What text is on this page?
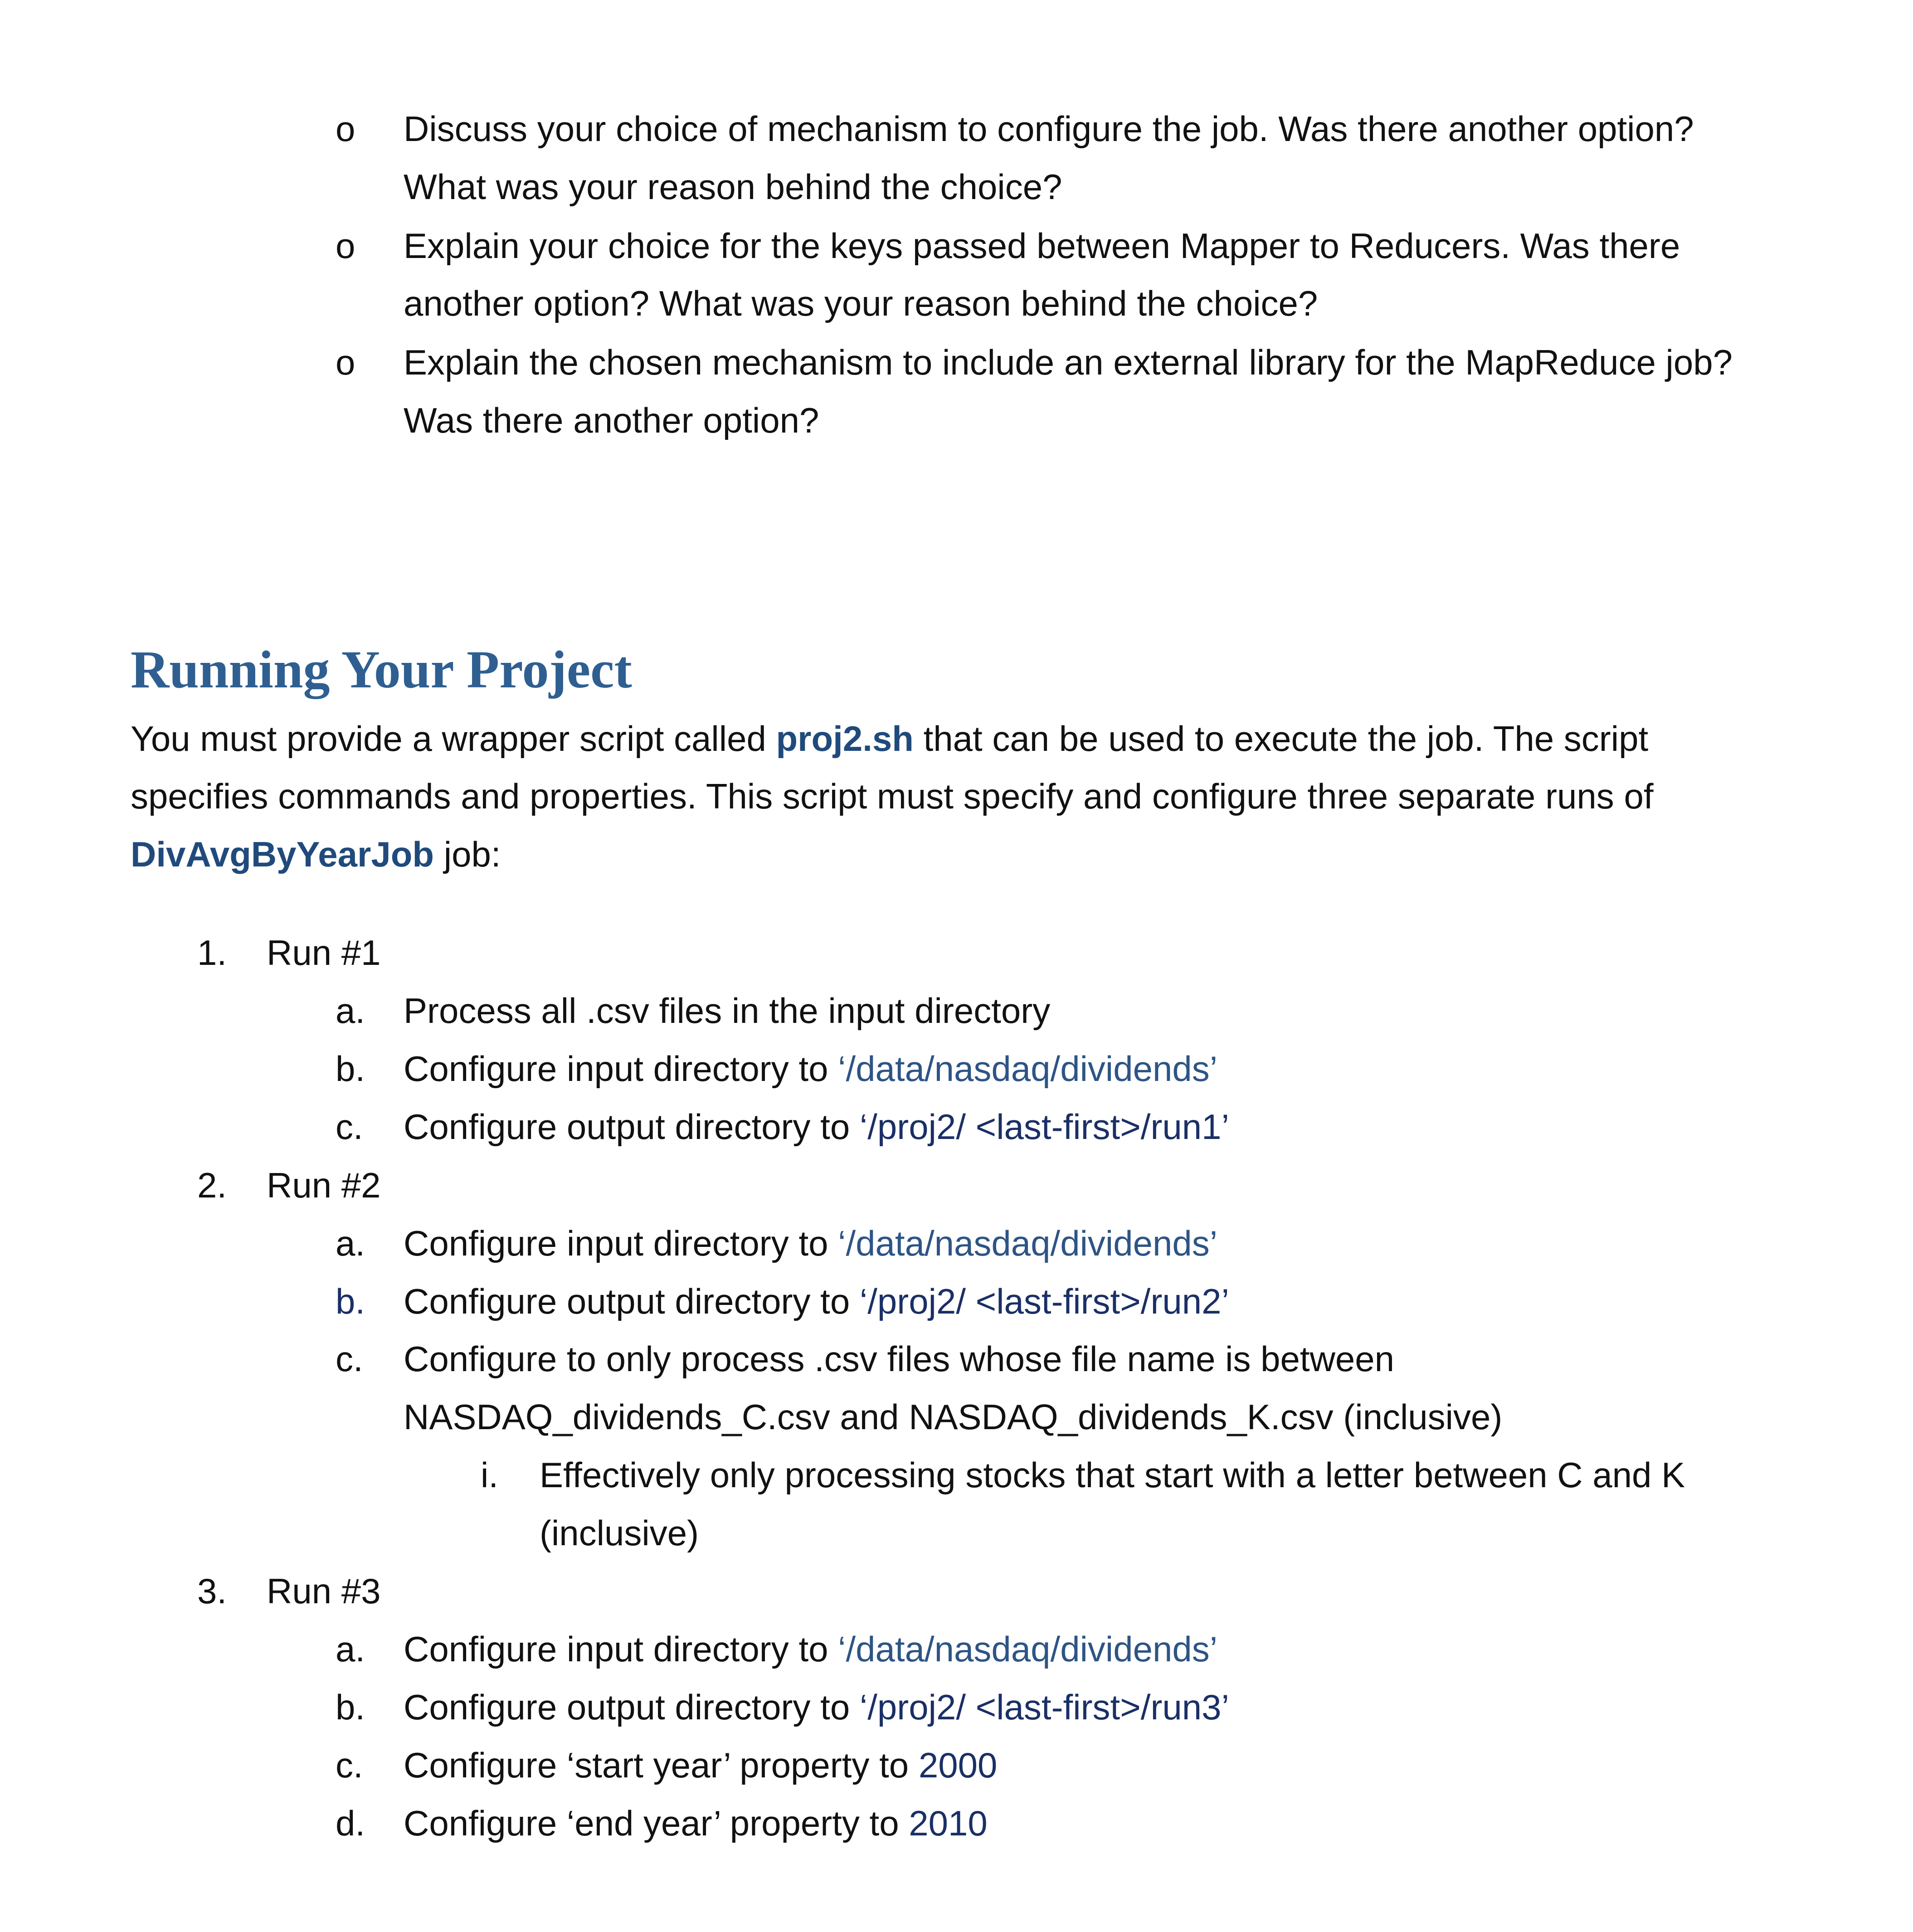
o Discuss your choice of mechanism to configure the job. Was there another option?
What was your reason behind the choice?
o Explain your choice for the keys passed between Mapper to Reducers. Was there
another option? What was your reason behind the choice?
o Explain the chosen mechanism to include an external library for the MapReduce job?
Was there another option?
Running Your Project
You must provide a wrapper script called proj2.sh that can be used to execute the job. The script
specifies commands and properties. This script must specify and configure three separate runs of
DivAvgByYearJob job:
1. Run #1
a. Process all .csv files in the input directory
b. Configure input directory to ‘/data/nasdaq/dividends’
c. Configure output directory to ‘/proj2/ <last-first>/run1’
2. Run #2
a. Configure input directory to ‘/data/nasdaq/dividends’
b. Configure output directory to ‘/proj2/ <last-first>/run2’
c. Configure to only process .csv files whose file name is between
NASDAQ_dividends_C.csv and NASDAQ_dividends_K.csv (inclusive)
i. Effectively only processing stocks that start with a letter between C and K
(inclusive)
3. Run #3
a. Configure input directory to ‘/data/nasdaq/dividends’
b. Configure output directory to ‘/proj2/ <last-first>/run3’
c. Configure ‘start year’ property to 2000
d. Configure ‘end year’ property to 2010
